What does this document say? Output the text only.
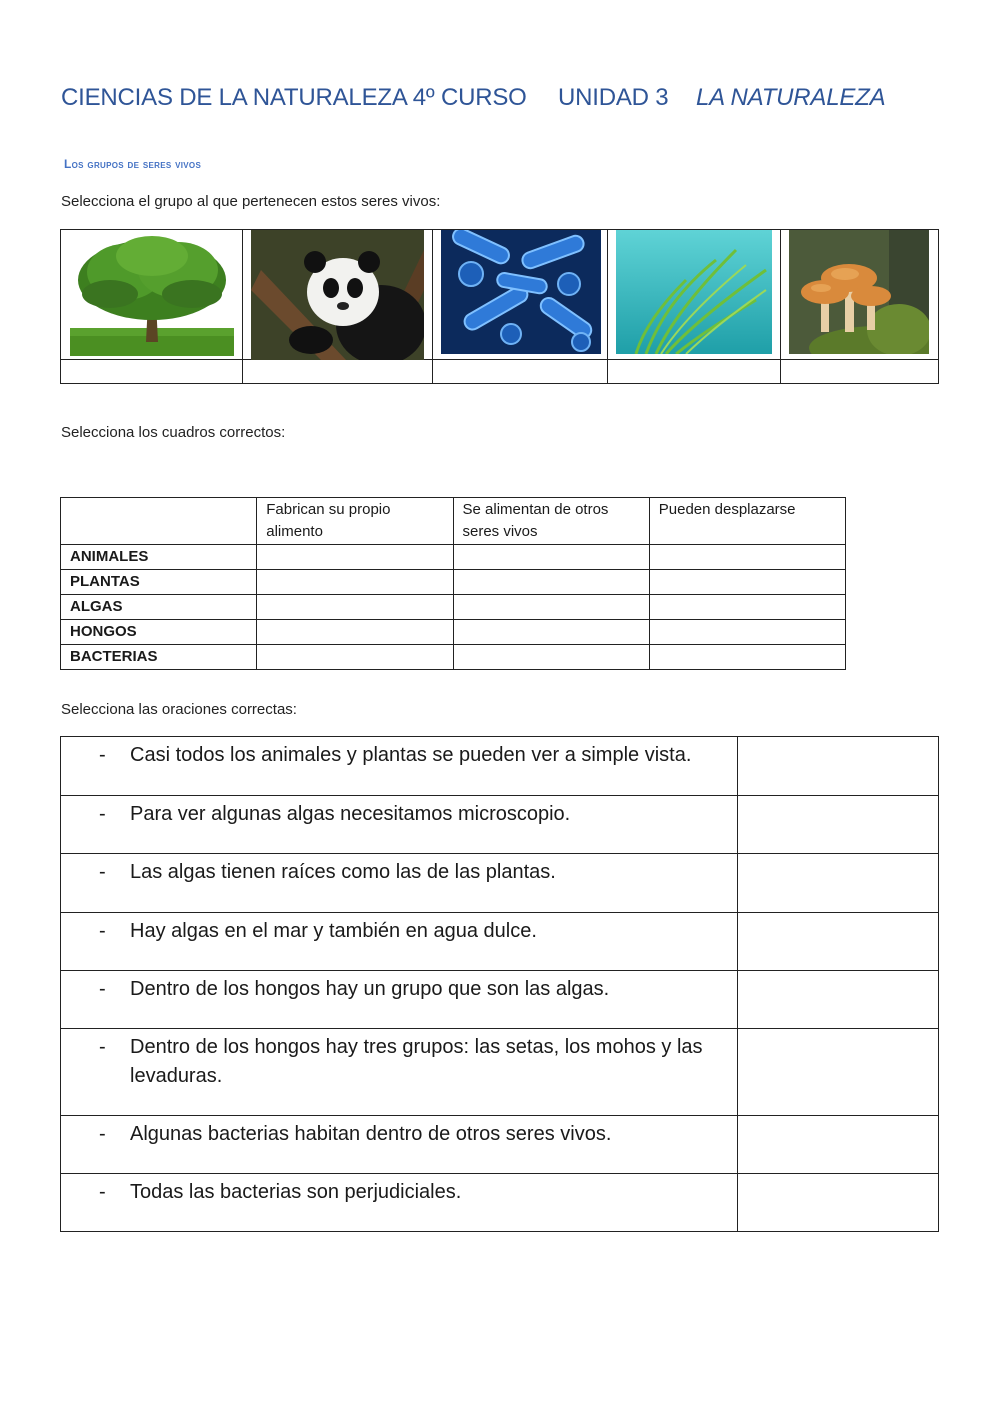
CIENCIAS DE LA NATURALEZA 4º CURSO UNIDAD 3 LA NATURALEZA
Los grupos de seres vivos
Selecciona el grupo al que pertenecen estos seres vivos:

Selecciona los cuadros correctos:
	Fabrican su propio alimento	Se alimentan de otros seres vivos	Pueden desplazarse
ANIMALES			
PLANTAS			
ALGAS			
HONGOS			
BACTERIAS			
Selecciona las oraciones correctas:
- Casi todos los animales y plantas se pueden ver a simple vista.	

- Para ver algunas algas necesitamos microscopio.	

- Las algas tienen raíces como las de las plantas.	

- Hay algas en el mar y también en agua dulce.	

- Dentro de los hongos hay un grupo que son las algas.	

- Dentro de los hongos hay tres grupos: las setas, los mohos y las levaduras.	

- Algunas bacterias habitan dentro de otros seres vivos.	

- Todas las bacterias son perjudiciales.	
